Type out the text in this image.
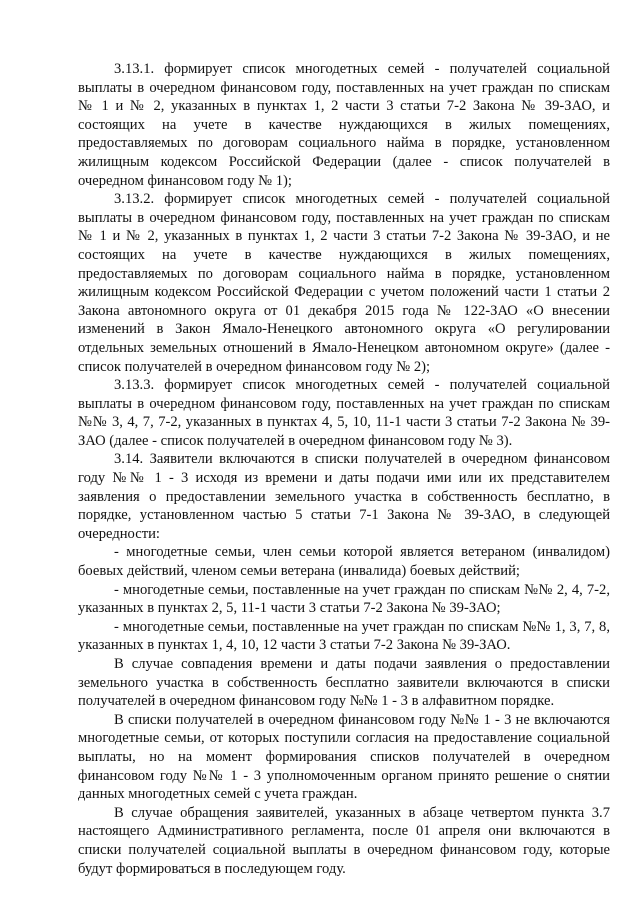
3.13.1. формирует список многодетных семей - получателей социальной выплаты в очередном финансовом году, поставленных на учет граждан по спискам № 1 и № 2, указанных в пунктах 1, 2 части 3 статьи 7-2 Закона № 39-ЗАО, и состоящих на учете в качестве нуждающихся в жилых помещениях, предоставляемых по договорам социального найма в порядке, установленном жилищным кодексом Российской Федерации (далее - список получателей в очередном финансовом году № 1);

3.13.2. формирует список многодетных семей - получателей социальной выплаты в очередном финансовом году, поставленных на учет граждан по спискам № 1 и № 2, указанных в пунктах 1, 2 части 3 статьи 7-2 Закона № 39-ЗАО, и не состоящих на учете в качестве нуждающихся в жилых помещениях, предоставляемых по договорам социального найма в порядке, установленном жилищным кодексом Российской Федерации с учетом положений части 1 статьи 2 Закона автономного округа от 01 декабря 2015 года № 122-ЗАО «О внесении изменений в Закон Ямало-Ненецкого автономного округа «О регулировании отдельных земельных отношений в Ямало-Ненецком автономном округе» (далее - список получателей в очередном финансовом году № 2);

3.13.3. формирует список многодетных семей - получателей социальной выплаты в очередном финансовом году, поставленных на учет граждан по спискам №№ 3, 4, 7, 7-2, указанных в пунктах 4, 5, 10, 11-1 части 3 статьи 7-2 Закона № 39-ЗАО (далее - список получателей в очередном финансовом году № 3).

3.14. Заявители включаются в списки получателей в очередном финансовом году №№ 1 - 3 исходя из времени и даты подачи ими или их представителем заявления о предоставлении земельного участка в собственность бесплатно, в порядке, установленном частью 5 статьи 7-1 Закона № 39-ЗАО, в следующей очередности:

- многодетные семьи, член семьи которой является ветераном (инвалидом) боевых действий, членом семьи ветерана (инвалида) боевых действий;

- многодетные семьи, поставленные на учет граждан по спискам №№ 2, 4, 7-2, указанных в пунктах 2, 5, 11-1 части 3 статьи 7-2 Закона № 39-ЗАО;

- многодетные семьи, поставленные на учет граждан по спискам №№ 1, 3, 7, 8, указанных в пунктах 1, 4, 10, 12 части 3 статьи 7-2 Закона № 39-ЗАО.

В случае совпадения времени и даты подачи заявления о предоставлении земельного участка в собственность бесплатно заявители включаются в списки получателей в очередном финансовом году №№ 1 - 3 в алфавитном порядке.

В списки получателей в очередном финансовом году №№ 1 - 3 не включаются многодетные семьи, от которых поступили согласия на предоставление социальной выплаты, но на момент формирования списков получателей в очередном финансовом году №№ 1 - 3 уполномоченным органом принято решение о снятии данных многодетных семей с учета граждан.

В случае обращения заявителей, указанных в абзаце четвертом пункта 3.7 настоящего Административного регламента, после 01 апреля они включаются в списки получателей социальной выплаты в очередном финансовом году, которые будут формироваться в последующем году.
